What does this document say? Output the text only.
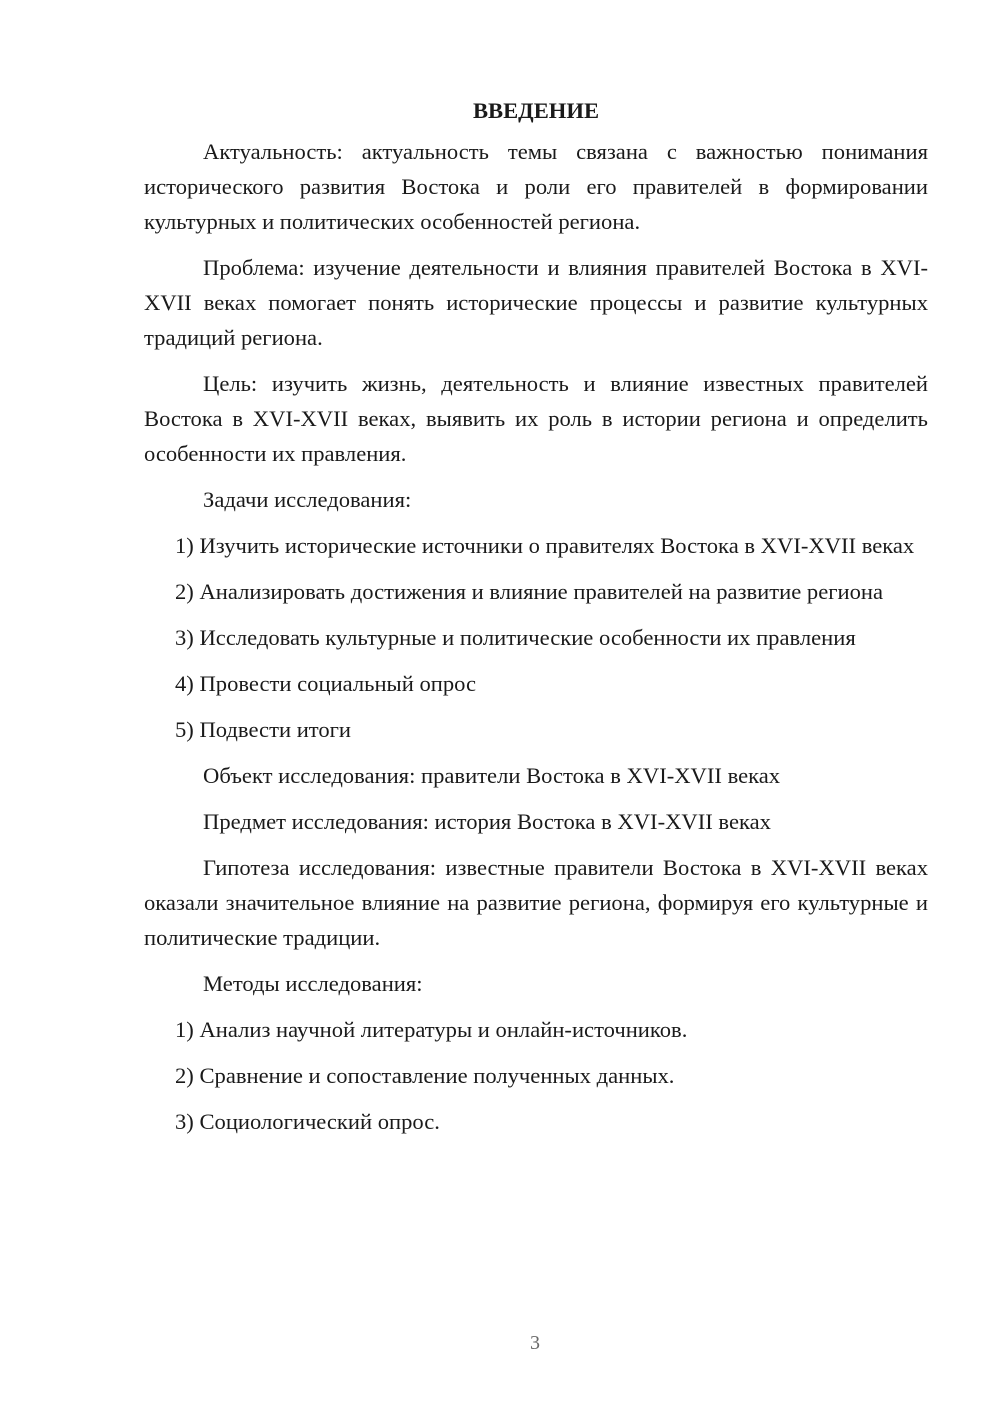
ВВЕДЕНИЕ

Актуальность: актуальность темы связана с важностью понимания исторического развития Востока и роли его правителей в формировании культурных и политических особенностей региона.

Проблема: изучение деятельности и влияния правителей Востока в XVI-XVII веках помогает понять исторические процессы и развитие культурных традиций региона.

Цель: изучить жизнь, деятельность и влияние известных правителей Востока в XVI-XVII веках, выявить их роль в истории региона и определить особенности их правления.

Задачи исследования:

1) Изучить исторические источники о правителях Востока в XVI-XVII веках

2) Анализировать достижения и влияние правителей на развитие региона

3) Исследовать культурные и политические особенности их правления

4) Провести социальный опрос

5) Подвести итоги

Объект исследования: правители Востока в XVI-XVII веках

Предмет исследования: история Востока в XVI-XVII веках

Гипотеза исследования: известные правители Востока в XVI-XVII веках оказали значительное влияние на развитие региона, формируя его культурные и политические традиции.

Методы исследования:

1) Анализ научной литературы и онлайн-источников.

2) Сравнение и сопоставление полученных данных.

3) Социологический опрос.

3
